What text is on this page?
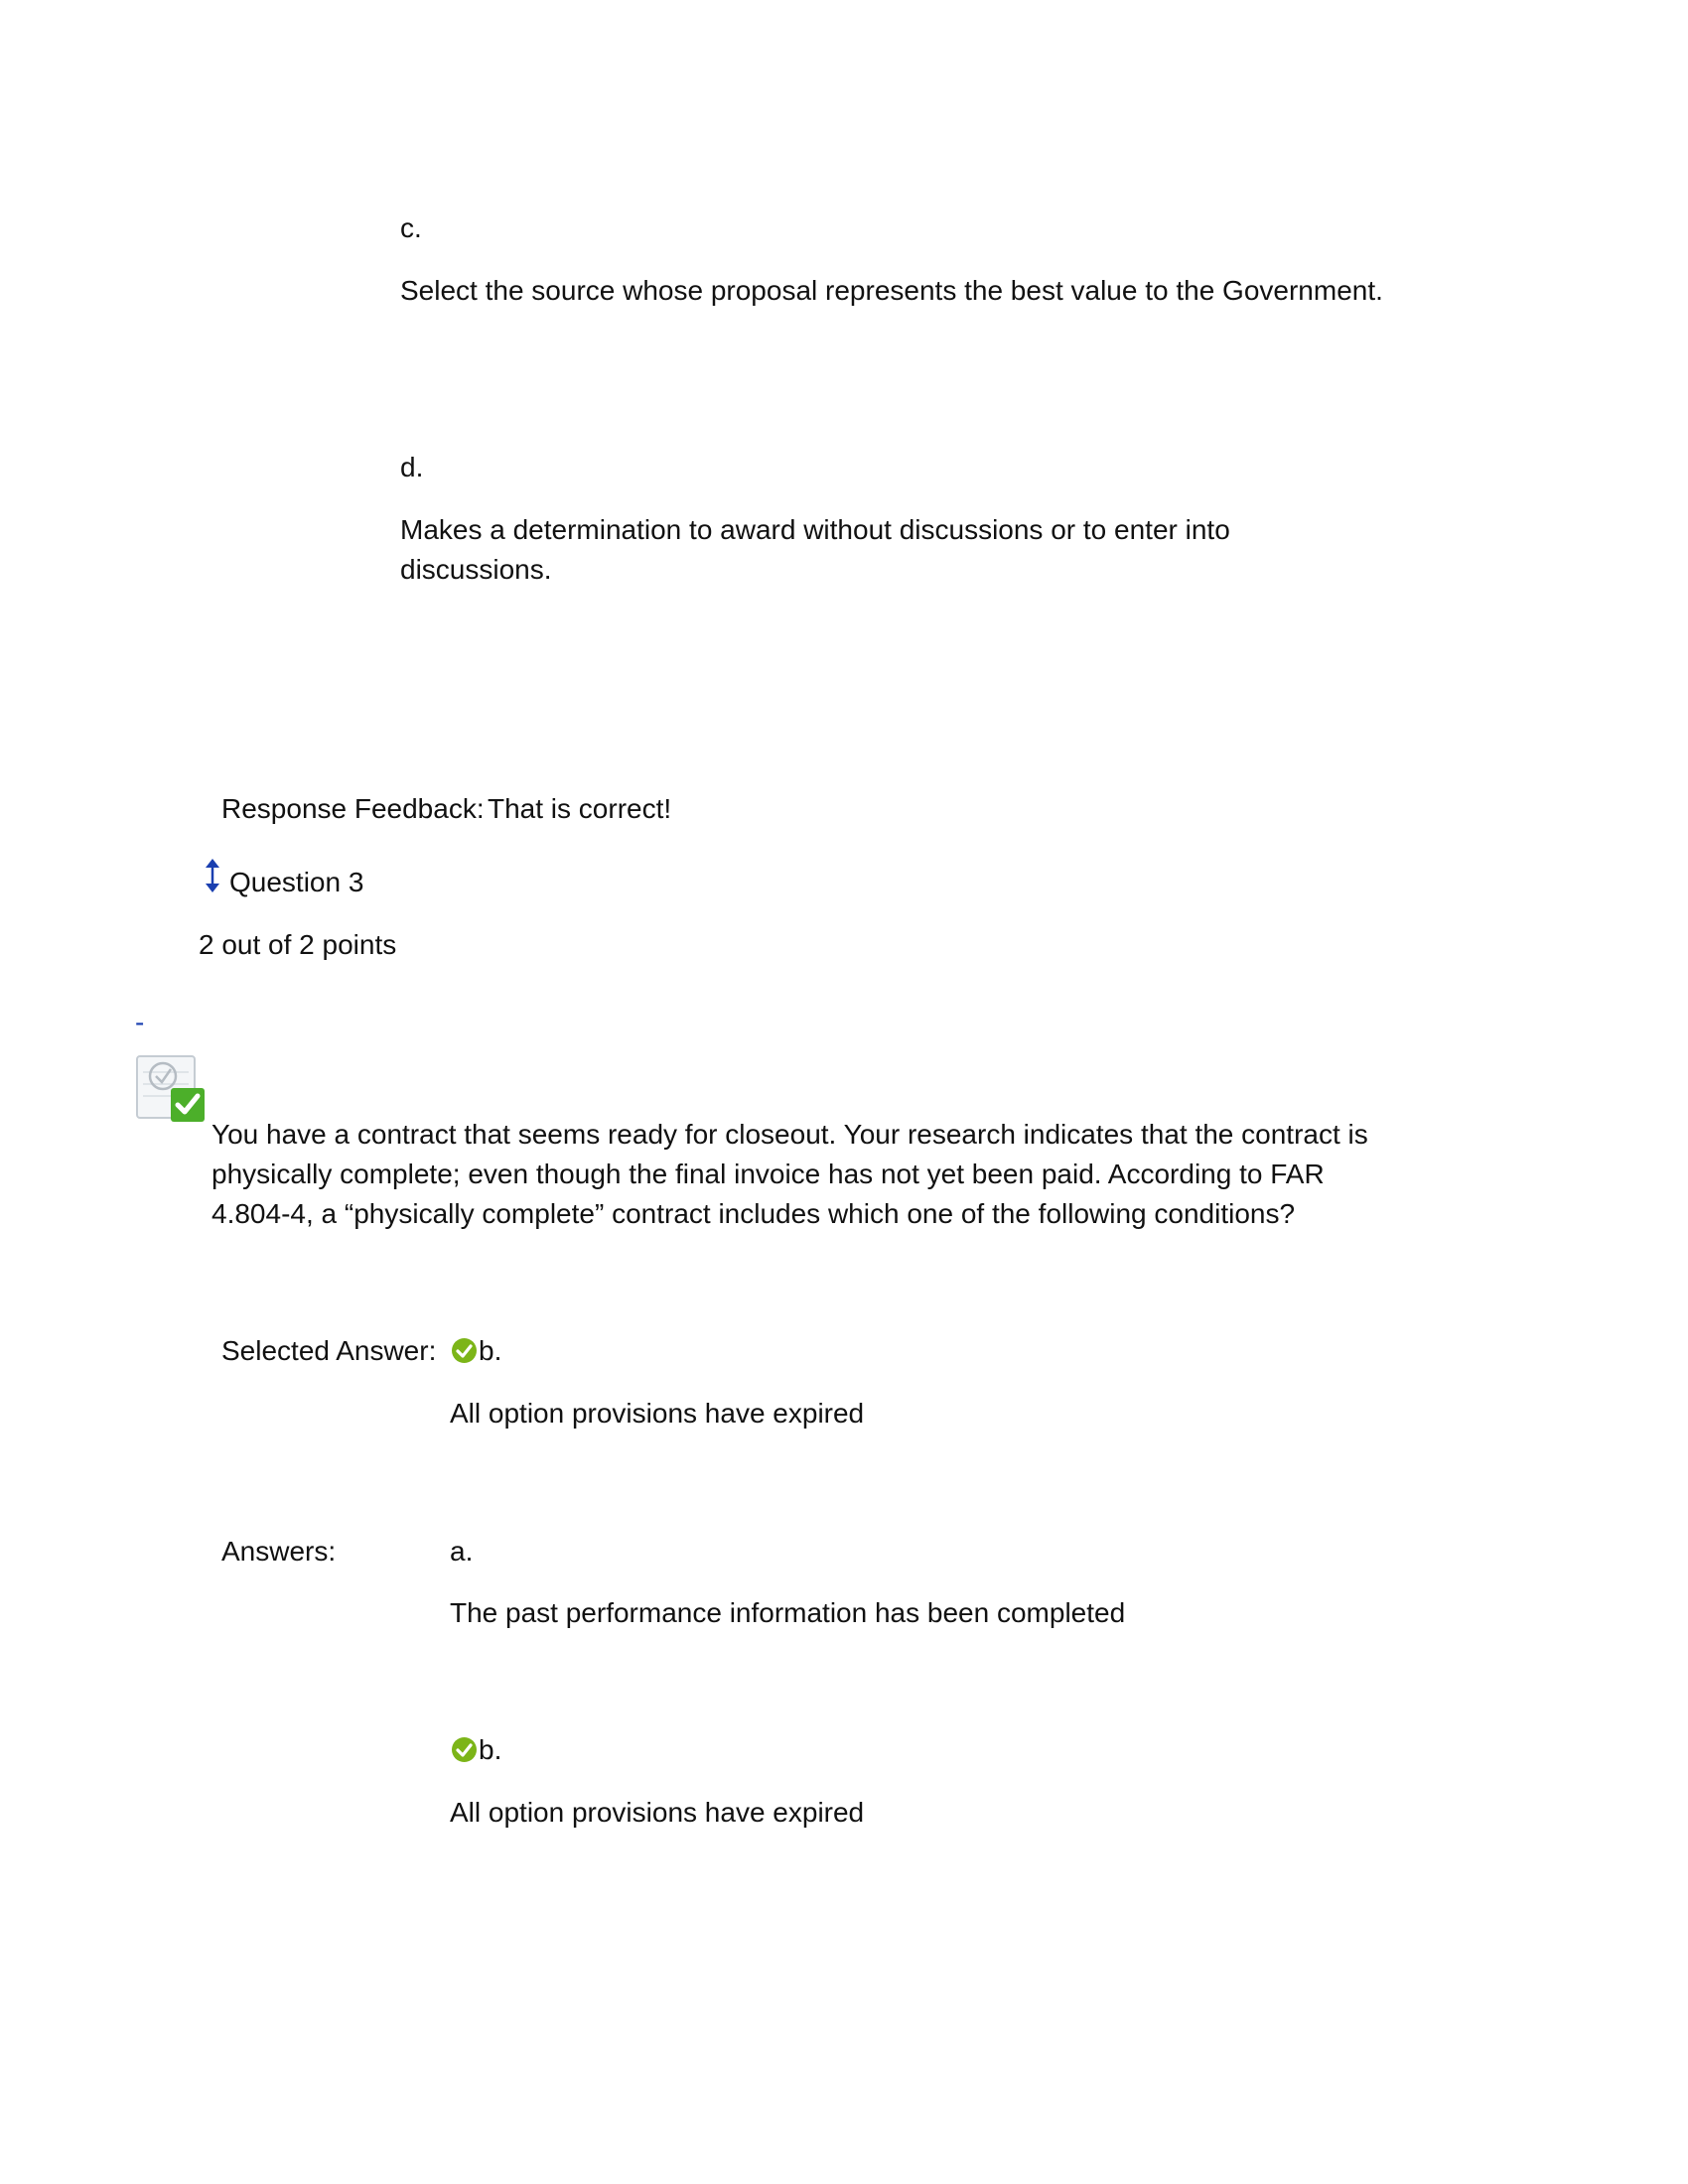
c.
Select the source whose proposal represents the best value to the Government.
d.
Makes a determination to award without discussions or to enter into discussions.
Response Feedback: That is correct!
Question 3
2 out of 2 points
-
You have a contract that seems ready for closeout. Your research indicates that the contract is physically complete; even though the final invoice has not yet been paid. According to FAR 4.804-4, a “physically complete” contract includes which one of the following conditions?
Selected Answer:	b.
All option provisions have expired
Answers:	a.
The past performance information has been completed
b.
All option provisions have expired
